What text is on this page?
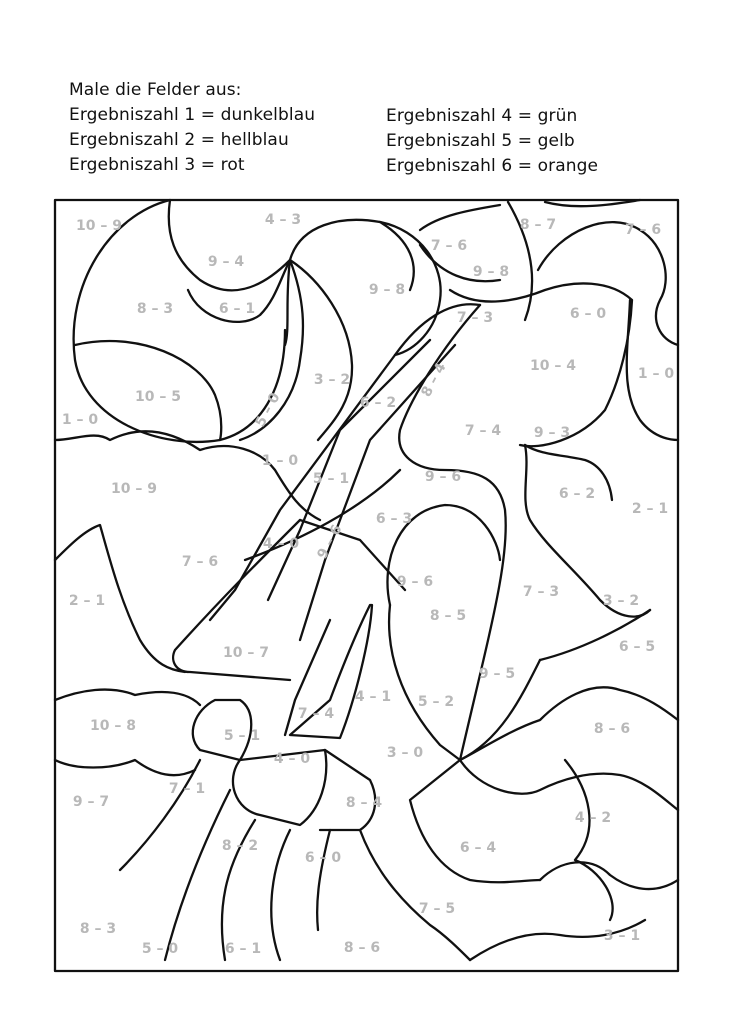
Male die Felder aus:
Ergebniszahl 1 = dunkelblau
Ergebniszahl 2 = hellblau
Ergebniszahl 3 = rot
Ergebniszahl 4 = grün
Ergebniszahl 5 = gelb
Ergebniszahl 6 = orange
10 – 9	4 – 3	8 – 7
7 – 6
7 – 6
9 – 4
9 – 8
9 – 8
8 – 3	6 – 1
7 – 3	6 – 0
8 – 4	10 – 4
3 – 2	1 – 0
10 – 5	5 – 0	6 – 2
1 – 0
7 – 4 9 – 3
1 – 0
10 – 9
5 – 1	9 – 6
6 – 2
2 – 1
6 – 3
9 – 6
4 – 0
7 – 6
2 – 1
9 – 6
7 – 3
3 – 2
8 – 5
6 – 5
10 – 7
9 – 5
4 – 1 5 – 2
7 – 4
10 – 8
5 – 1	8 – 6
4 – 0	3 – 0
7 – 1
9 – 7	8 – 4
4 – 2
8 – 2
6 – 0
6 – 4
7 – 5
8 – 3
5 – 0	6 – 1	8 – 6
3 – 1
